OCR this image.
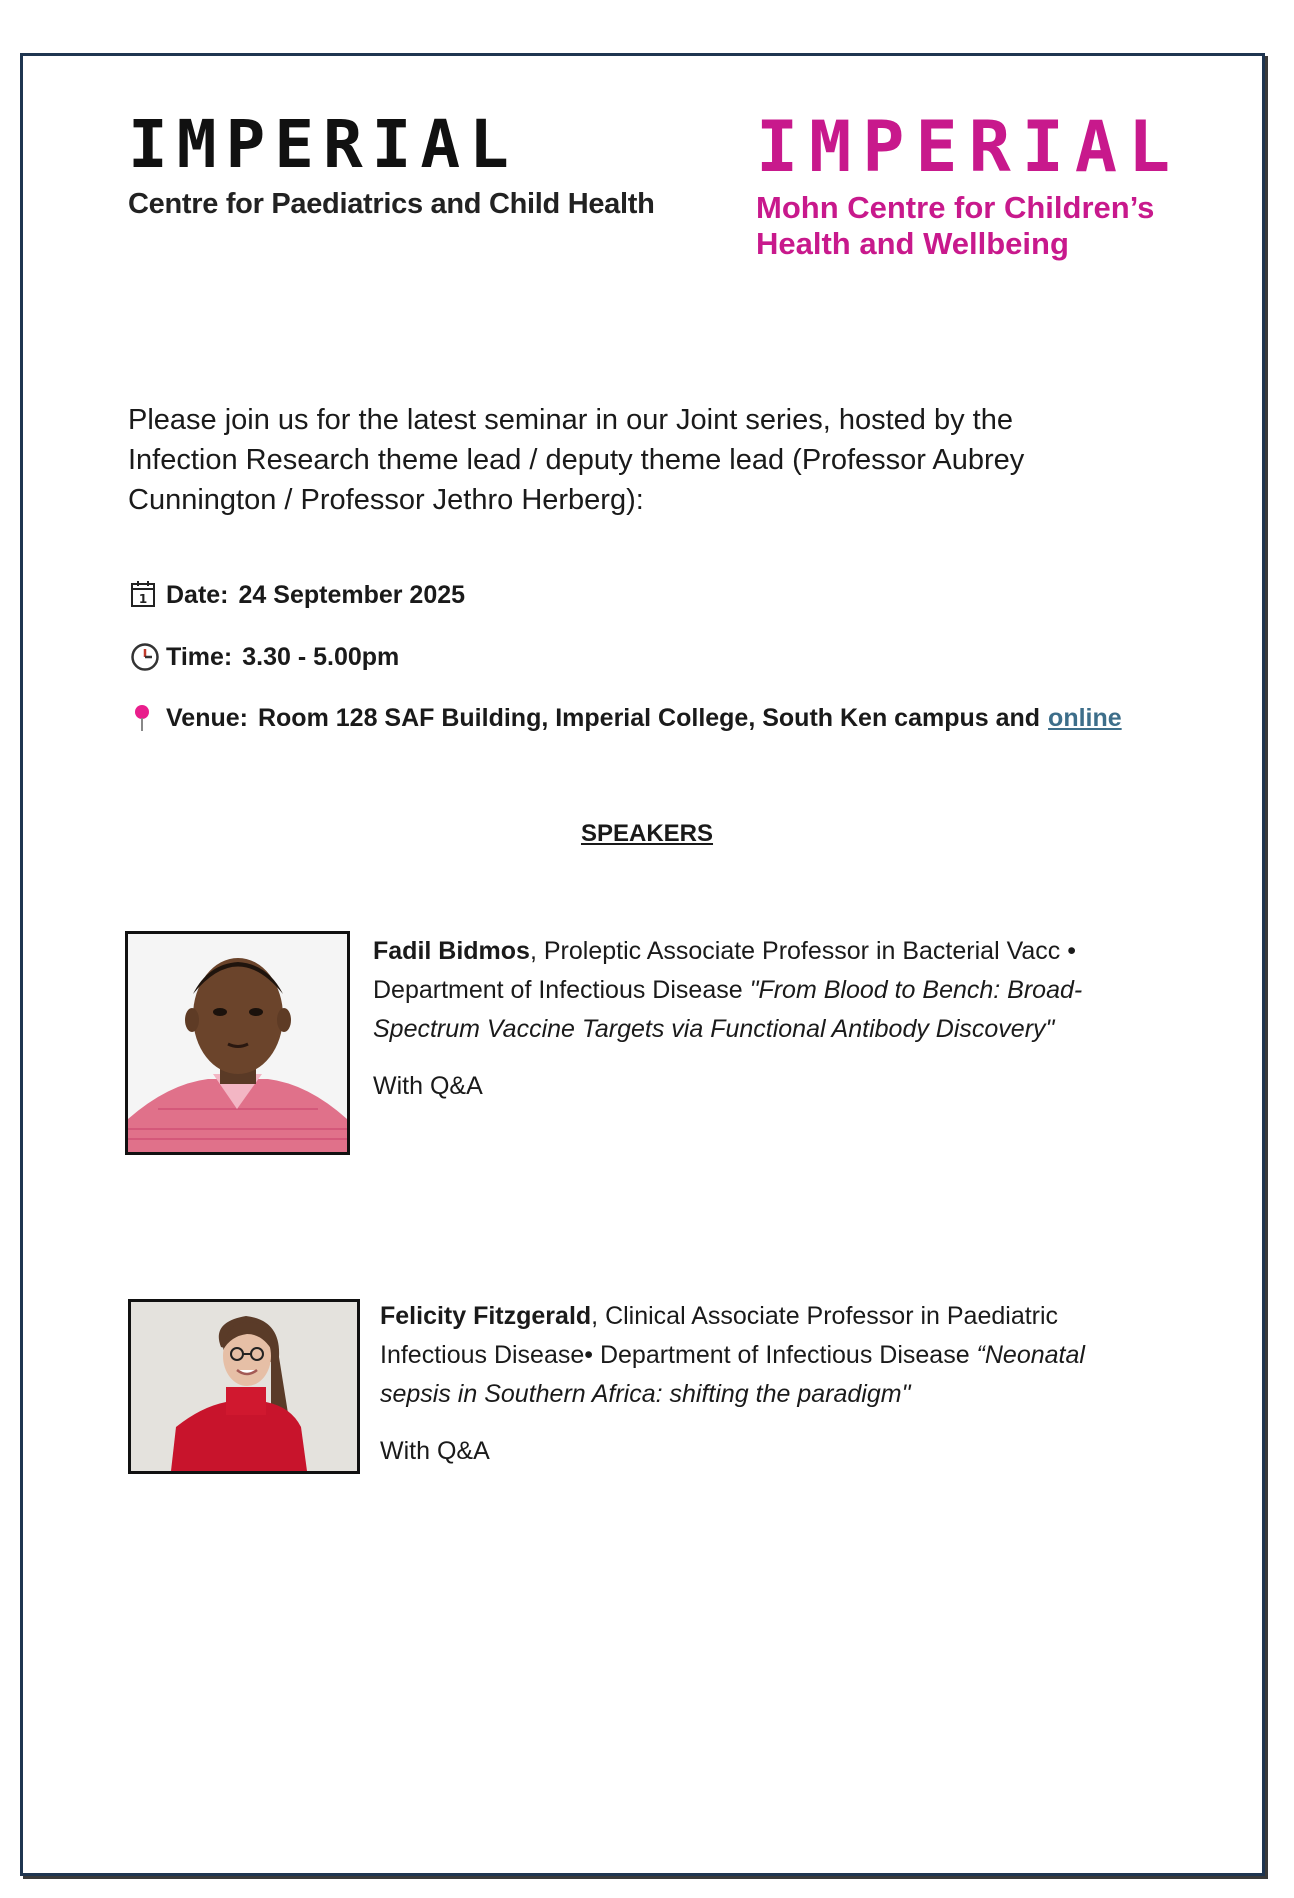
IMPERIAL
Centre for Paediatrics and Child Health
IMPERIAL
Mohn Centre for Children’s Health and Wellbeing
Please join us for the latest seminar in our Joint series, hosted by the Infection Research theme lead / deputy theme lead (Professor Aubrey Cunnington / Professor Jethro Herberg):
1 Date: 24 September 2025
Time: 3.30 - 5.00pm
Venue: Room 128 SAF Building, Imperial College, South Ken campus and online
SPEAKERS
Fadil Bidmos, Proleptic Associate Professor in Bacterial Vacc • Department of Infectious Disease "From Blood to Bench: Broad-Spectrum Vaccine Targets via Functional Antibody Discovery"
With Q&A
Felicity Fitzgerald, Clinical Associate Professor in Paediatric Infectious Disease• Department of Infectious Disease “Neonatal sepsis in Southern Africa: shifting the paradigm"
With Q&A
